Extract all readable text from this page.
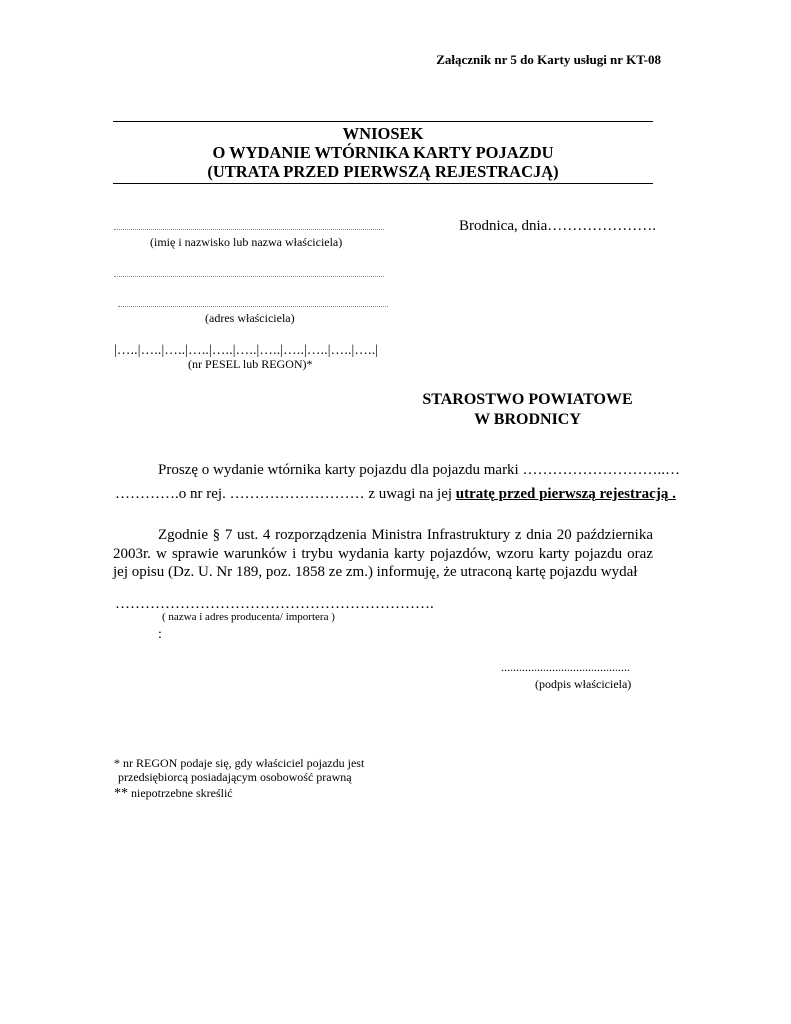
Załącznik nr 5 do Karty usługi nr KT-08
WNIOSEK
O WYDANIE WTÓRNIKA KARTY POJAZDU
(UTRATA PRZED PIERWSZĄ REJESTRACJĄ)
(imię i nazwisko lub nazwa właściciela)
Brodnica, dnia………………….
(adres właściciela)
|…..|…..|…..|…..|…..|…..|…..|…..|…..|…..|…..|
(nr PESEL lub REGON)*
STAROSTWO POWIATOWE
W BRODNICY
Proszę o wydanie wtórnika karty pojazdu dla pojazdu marki ………………………..…
………….o nr rej. ……………………… z uwagi na jej utratę przed pierwszą rejestracją .
Zgodnie § 7 ust. 4 rozporządzenia Ministra Infrastruktury z dnia 20 października 2003r. w sprawie warunków i trybu wydania karty pojazdów, wzoru karty pojazdu oraz jej opisu (Dz. U. Nr 189, poz. 1858 ze zm.) informuję, że utraconą kartę pojazdu wydał
……………………………………………………….
( nazwa i adres producenta/ importera )
:
...........................................
(podpis właściciela)
* nr REGON podaje się, gdy właściciel pojazdu jest
przedsiębiorcą posiadającym osobowość prawną
** niepotrzebne skreślić
